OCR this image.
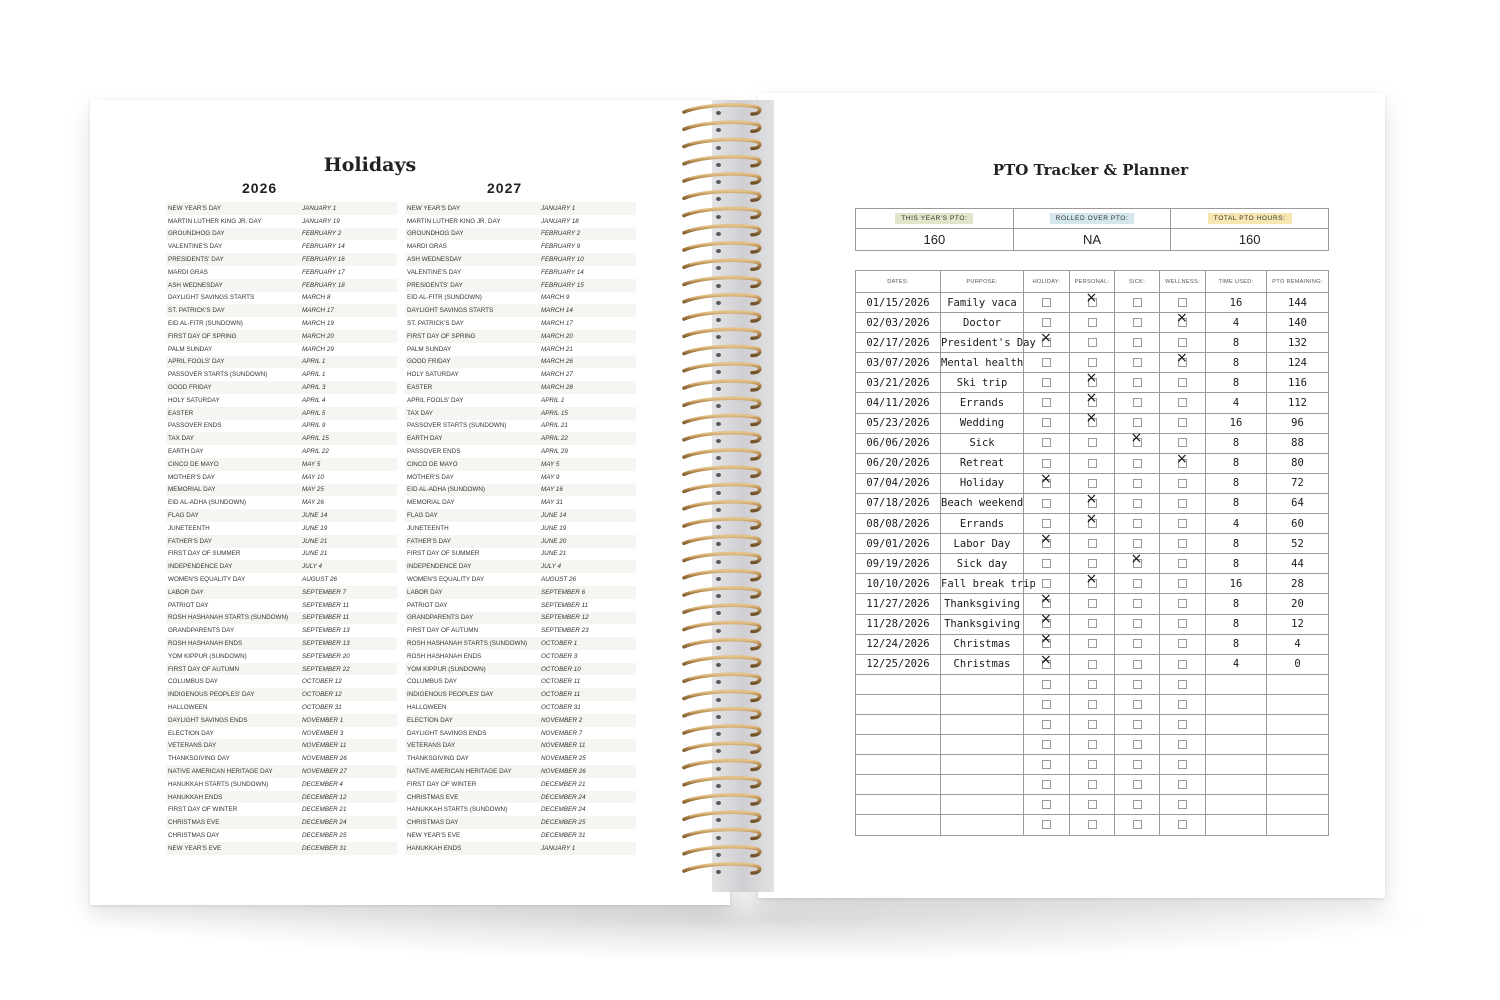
Holidays
2026	2027
NEW YEAR'S DAY	JANUARY 1
MARTIN LUTHER KING JR. DAY	JANUARY 19
GROUNDHOG DAY	FEBRUARY 2
VALENTINE'S DAY	FEBRUARY 14
PRESIDENTS' DAY	FEBRUARY 16
MARDI GRAS	FEBRUARY 17
ASH WEDNESDAY	FEBRUARY 18
DAYLIGHT SAVINGS STARTS	MARCH 8
ST. PATRICK'S DAY	MARCH 17
EID AL-FITR (SUNDOWN)	MARCH 19
FIRST DAY OF SPRING	MARCH 20
PALM SUNDAY	MARCH 29
APRIL FOOLS' DAY	APRIL 1
PASSOVER STARTS (SUNDOWN)	APRIL 1
GOOD FRIDAY	APRIL 3
HOLY SATURDAY	APRIL 4
EASTER	APRIL 5
PASSOVER ENDS	APRIL 9
TAX DAY	APRIL 15
EARTH DAY	APRIL 22
CINCO DE MAYO	MAY 5
MOTHER'S DAY	MAY 10
MEMORIAL DAY	MAY 25
EID AL-ADHA (SUNDOWN)	MAY 26
FLAG DAY	JUNE 14
JUNETEENTH	JUNE 19
FATHER'S DAY	JUNE 21
FIRST DAY OF SUMMER	JUNE 21
INDEPENDENCE DAY	JULY 4
WOMEN'S EQUALITY DAY	AUGUST 26
LABOR DAY	SEPTEMBER 7
PATRIOT DAY	SEPTEMBER 11
ROSH HASHANAH STARTS (SUNDOWN)	SEPTEMBER 11
GRANDPARENTS DAY	SEPTEMBER 13
ROSH HASHANAH ENDS	SEPTEMBER 13
YOM KIPPUR (SUNDOWN)	SEPTEMBER 20
FIRST DAY OF AUTUMN	SEPTEMBER 22
COLUMBUS DAY	OCTOBER 12
INDIGENOUS PEOPLES' DAY	OCTOBER 12
HALLOWEEN	OCTOBER 31
DAYLIGHT SAVINGS ENDS	NOVEMBER 1
ELECTION DAY	NOVEMBER 3
VETERANS DAY	NOVEMBER 11
THANKSGIVING DAY	NOVEMBER 26
NATIVE AMERICAN HERITAGE DAY	NOVEMBER 27
HANUKKAH STARTS (SUNDOWN)	DECEMBER 4
HANUKKAH ENDS	DECEMBER 12
FIRST DAY OF WINTER	DECEMBER 21
CHRISTMAS EVE	DECEMBER 24
CHRISTMAS DAY	DECEMBER 25
NEW YEAR'S EVE	DECEMBER 31
NEW YEAR'S DAY	JANUARY 1
MARTIN LUTHER KING JR. DAY	JANUARY 18
GROUNDHOG DAY	FEBRUARY 2
MARDI GRAS	FEBRUARY 9
ASH WEDNESDAY	FEBRUARY 10
VALENTINE'S DAY	FEBRUARY 14
PRESIDENTS' DAY	FEBRUARY 15
EID AL-FITR (SUNDOWN)	MARCH 9
DAYLIGHT SAVINGS STARTS	MARCH 14
ST. PATRICK'S DAY	MARCH 17
FIRST DAY OF SPRING	MARCH 20
PALM SUNDAY	MARCH 21
GOOD FRIDAY	MARCH 26
HOLY SATURDAY	MARCH 27
EASTER	MARCH 28
APRIL FOOLS' DAY	APRIL 1
TAX DAY	APRIL 15
PASSOVER STARTS (SUNDOWN)	APRIL 21
EARTH DAY	APRIL 22
PASSOVER ENDS	APRIL 29
CINCO DE MAYO	MAY 5
MOTHER'S DAY	MAY 9
EID AL-ADHA (SUNDOWN)	MAY 16
MEMORIAL DAY	MAY 31
FLAG DAY	JUNE 14
JUNETEENTH	JUNE 19
FATHER'S DAY	JUNE 20
FIRST DAY OF SUMMER	JUNE 21
INDEPENDENCE DAY	JULY 4
WOMEN'S EQUALITY DAY	AUGUST 26
LABOR DAY	SEPTEMBER 6
PATRIOT DAY	SEPTEMBER 11
GRANDPARENTS DAY	SEPTEMBER 12
FIRST DAY OF AUTUMN	SEPTEMBER 23
ROSH HASHANAH STARTS (SUNDOWN)	OCTOBER 1
ROSH HASHANAH ENDS	OCTOBER 3
YOM KIPPUR (SUNDOWN)	OCTOBER 10
COLUMBUS DAY	OCTOBER 11
INDIGENOUS PEOPLES' DAY	OCTOBER 11
HALLOWEEN	OCTOBER 31
ELECTION DAY	NOVEMBER 2
DAYLIGHT SAVINGS ENDS	NOVEMBER 7
VETERANS DAY	NOVEMBER 11
THANKSGIVING DAY	NOVEMBER 25
NATIVE AMERICAN HERITAGE DAY	NOVEMBER 26
FIRST DAY OF WINTER	DECEMBER 21
CHRISTMAS EVE	DECEMBER 24
HANUKKAH STARTS (SUNDOWN)	DECEMBER 24
CHRISTMAS DAY	DECEMBER 25
NEW YEAR'S EVE	DECEMBER 31
HANUKKAH ENDS	JANUARY 1
PTO Tracker & Planner
THIS YEAR'S PTO:
160
ROLLED OVER PTO:
NA
TOTAL PTO HOURS:
160
DATES:	PURPOSE:	HOLIDAY:	PERSONAL:	SICK:	WELLNESS:	TIME USED:	PTO REMAINING:
01/15/2026	Family vaca		×			16	144
02/03/2026	Doctor				×	4	140
02/17/2026	President's Day	×				8	132
03/07/2026	Mental health				×	8	124
03/21/2026	Ski trip		×			8	116
04/11/2026	Errands		×			4	112
05/23/2026	Wedding		×			16	96
06/06/2026	Sick			×		8	88
06/20/2026	Retreat				×	8	80
07/04/2026	Holiday	×				8	72
07/18/2026	Beach weekend		×			8	64
08/08/2026	Errands		×			4	60
09/01/2026	Labor Day	×				8	52
09/19/2026	Sick day			×		8	44
10/10/2026	Fall break trip		×			16	28
11/27/2026	Thanksgiving	×				8	20
11/28/2026	Thanksgiving	×				8	12
12/24/2026	Christmas	×				8	4
12/25/2026	Christmas	×				4	0
